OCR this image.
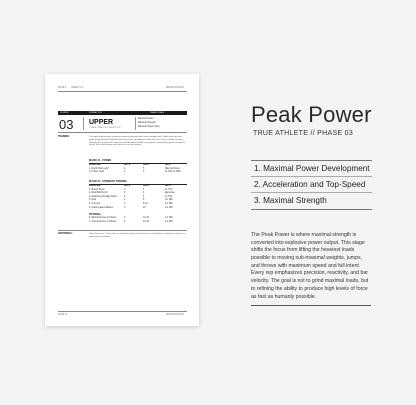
ZONE 3 WEEKS 1-3	DRIVE ATHLETE
SOURCE	FORMAT: FIN	PHASE GOALS
03 UPPER
POWER, PEAK FOR COMPETITION
Maximal Power
Maximal Strength
Maximal Hypertrophy
TRAINING:	The upper body session combines explosive pressing with heavy strength work. Depth push-ups and upper body plyometric drills develop rate of force development while the bench press anchors maximal strength. Accessory work keeps the shoulder girdle healthy and supports continued progress through the phase. Rest fully between sets and focus on bar velocity.
BLOCK #1 - POWER
EXERCISE	SETS	REPS	REST
1. Depth Push-ups*	3	5	Maximal Intent
2. Power Jerks	4	3	At 70% of 1RM
BLOCK #2 - STRENGTH TRAINING
EXERCISE	SETS	REPS	REST
1. Bench Press	4	4	At 77%
b. Med Ball Punch	4	4	Explosive
2. Explosive Pendlay Rows	4	4	At 75%
3. Dips	3	8	2-1 RM
4. Curl ups	3	8-10	2-1 RM
5. Cable Lateral Raises	3	12	2-1 RM
OPTIONAL:
6. Wrist Exercise of Choice	2	12-15	2-1 RM
7. Core Exercise of Choice	3	12-15	2-1 RM
ADDITIONAL:	Depth Push-ups* = Drop from an elevated surface, absorb the force and perform a plyometric push-up as explosively as possible.
PAGE 10	DRIVE ATHLETE
Peak Power
TRUE ATHLETE // PHASE 03
1. Maximal Power Development
2. Acceleration and Top-Speed
3. Maximal Strength
The Peak Power is where maximal strength is converted into explosive power output. This stage shifts the focus from lifting the heaviest loads possible to moving sub-maximal weights, jumps, and throws with maximum speed and full intent. Every rep emphasizes precision, reactivity, and bar velocity. The goal is not to grind maximal loads, but to refining the ability to produce high levels of force as fast as humanly possible.
